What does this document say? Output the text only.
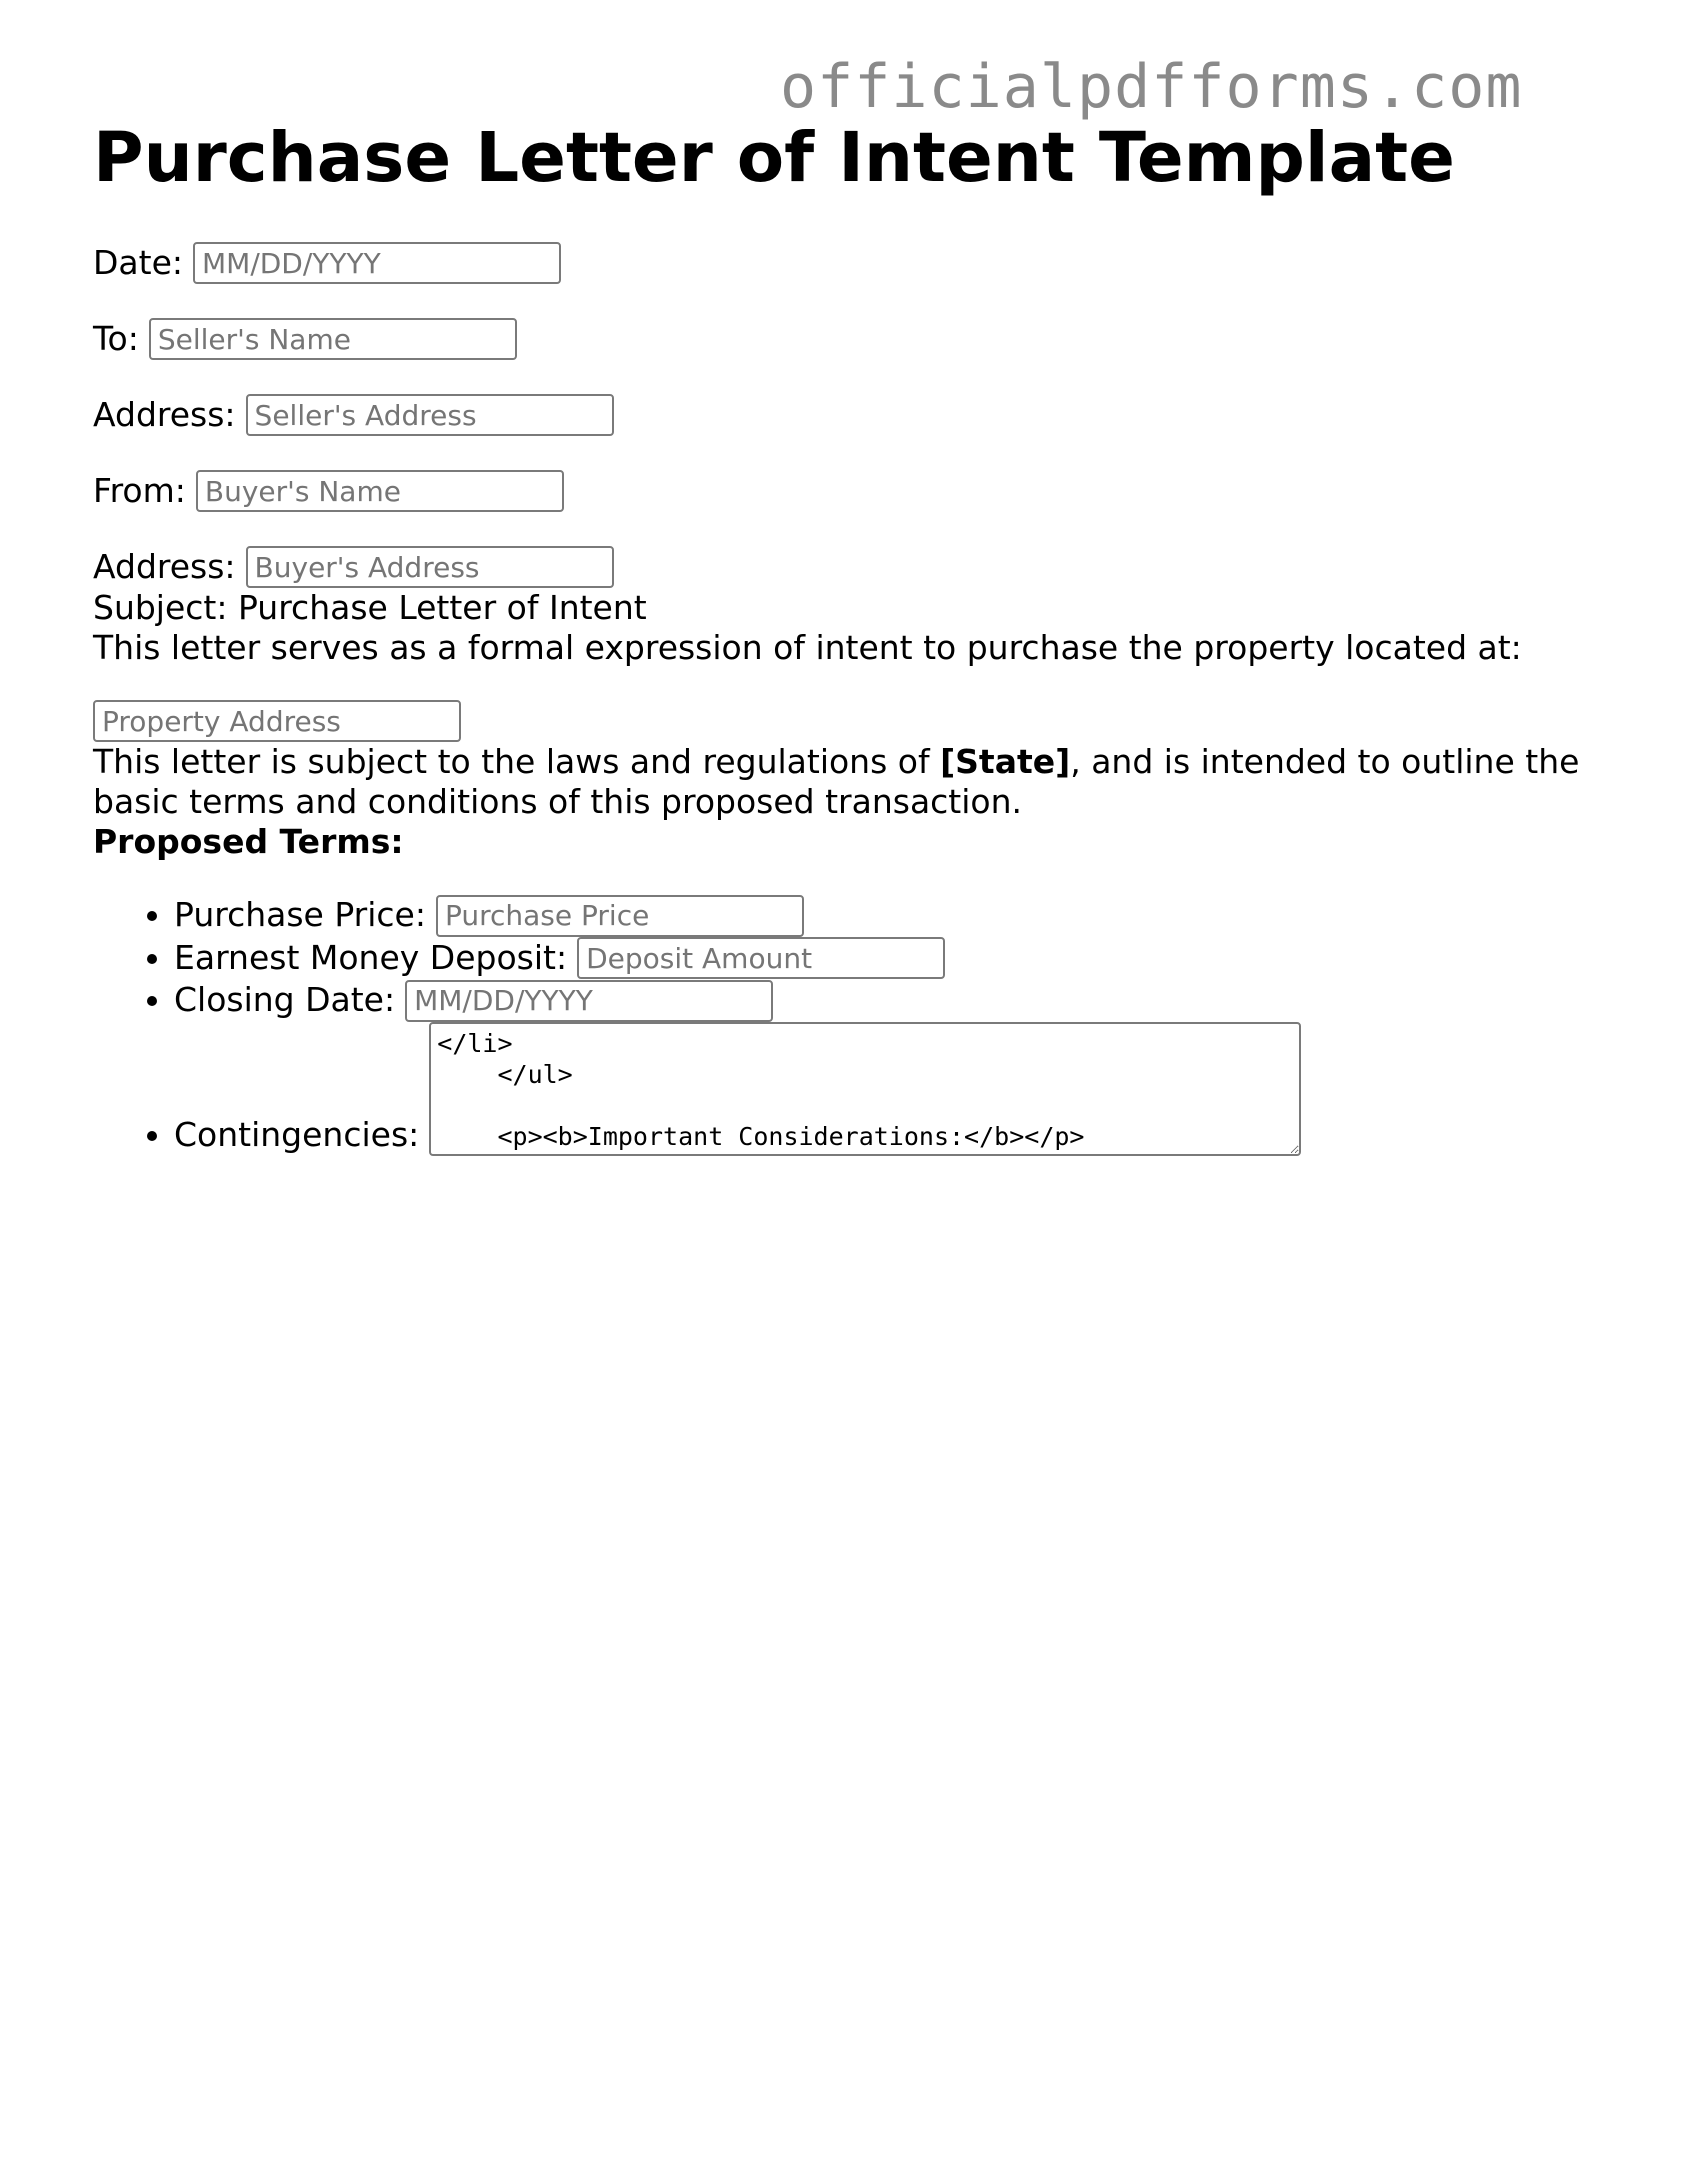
officialpdfforms.com
Purchase Letter of Intent Template
Date:
MM/DD/YYYY
To:
Seller's Name
Address:
Seller's Address
From:
Buyer's Name
Address:
Buyer's Address

Subject: Purchase Letter of Intent

This letter serves as a formal expression of intent to purchase the property located at:

Property Address

This letter is subject to the laws and regulations of [State], and is intended to outline the basic terms and conditions of this proposed transaction.

Proposed Terms:

• Purchase Price:Purchase Price
• Earnest Money Deposit:Deposit Amount
• Closing Date:MM/DD/YYYY
• Contingencies:</li> </ul> <p><b>Important Considerations:</b></p> <ul>
